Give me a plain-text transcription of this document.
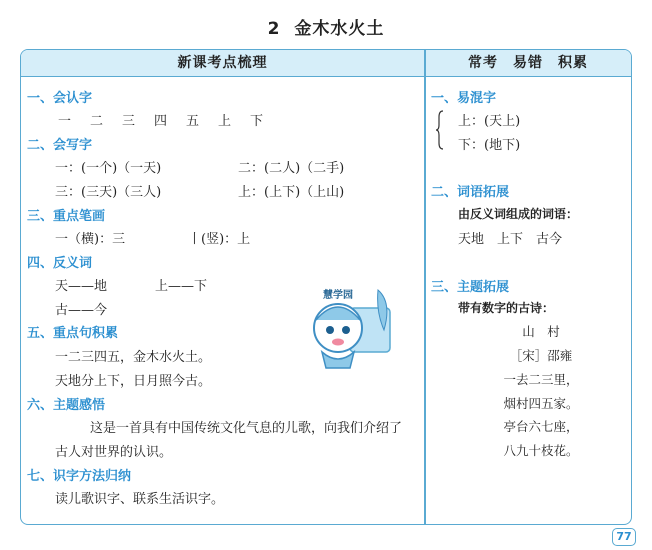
2 金木水火土
新课考点梳理	常考　易错　积累
一、会认字
一　二　三　四　五　上　下
二、会写字
一：(一个)（一天)	二：(二人)（二手)
三：(三天)（三人)	上：(上下)（上山)
三、重点笔画
一（横)：三	丨(竖)：上
四、反义词
天——地	上——下
古——今
五、重点句积累
一二三四五，金木水火土。
天地分上下，日月照今古。
六、主题感悟
这是一首具有中国传统文化气息的儿歌，向我们介绍了
古人对世界的认识。
七、识字方法归纳
读儿歌识字、联系生活识字。
慧学园
一、易混字
上：(天上)
下：(地下)
二、词语拓展
由反义词组成的词语：
天地　上下　古今
三、主题拓展
带有数字的古诗：
山　村
［宋］邵雍
一去二三里，
烟村四五家。
亭台六七座，
八九十枝花。
77
